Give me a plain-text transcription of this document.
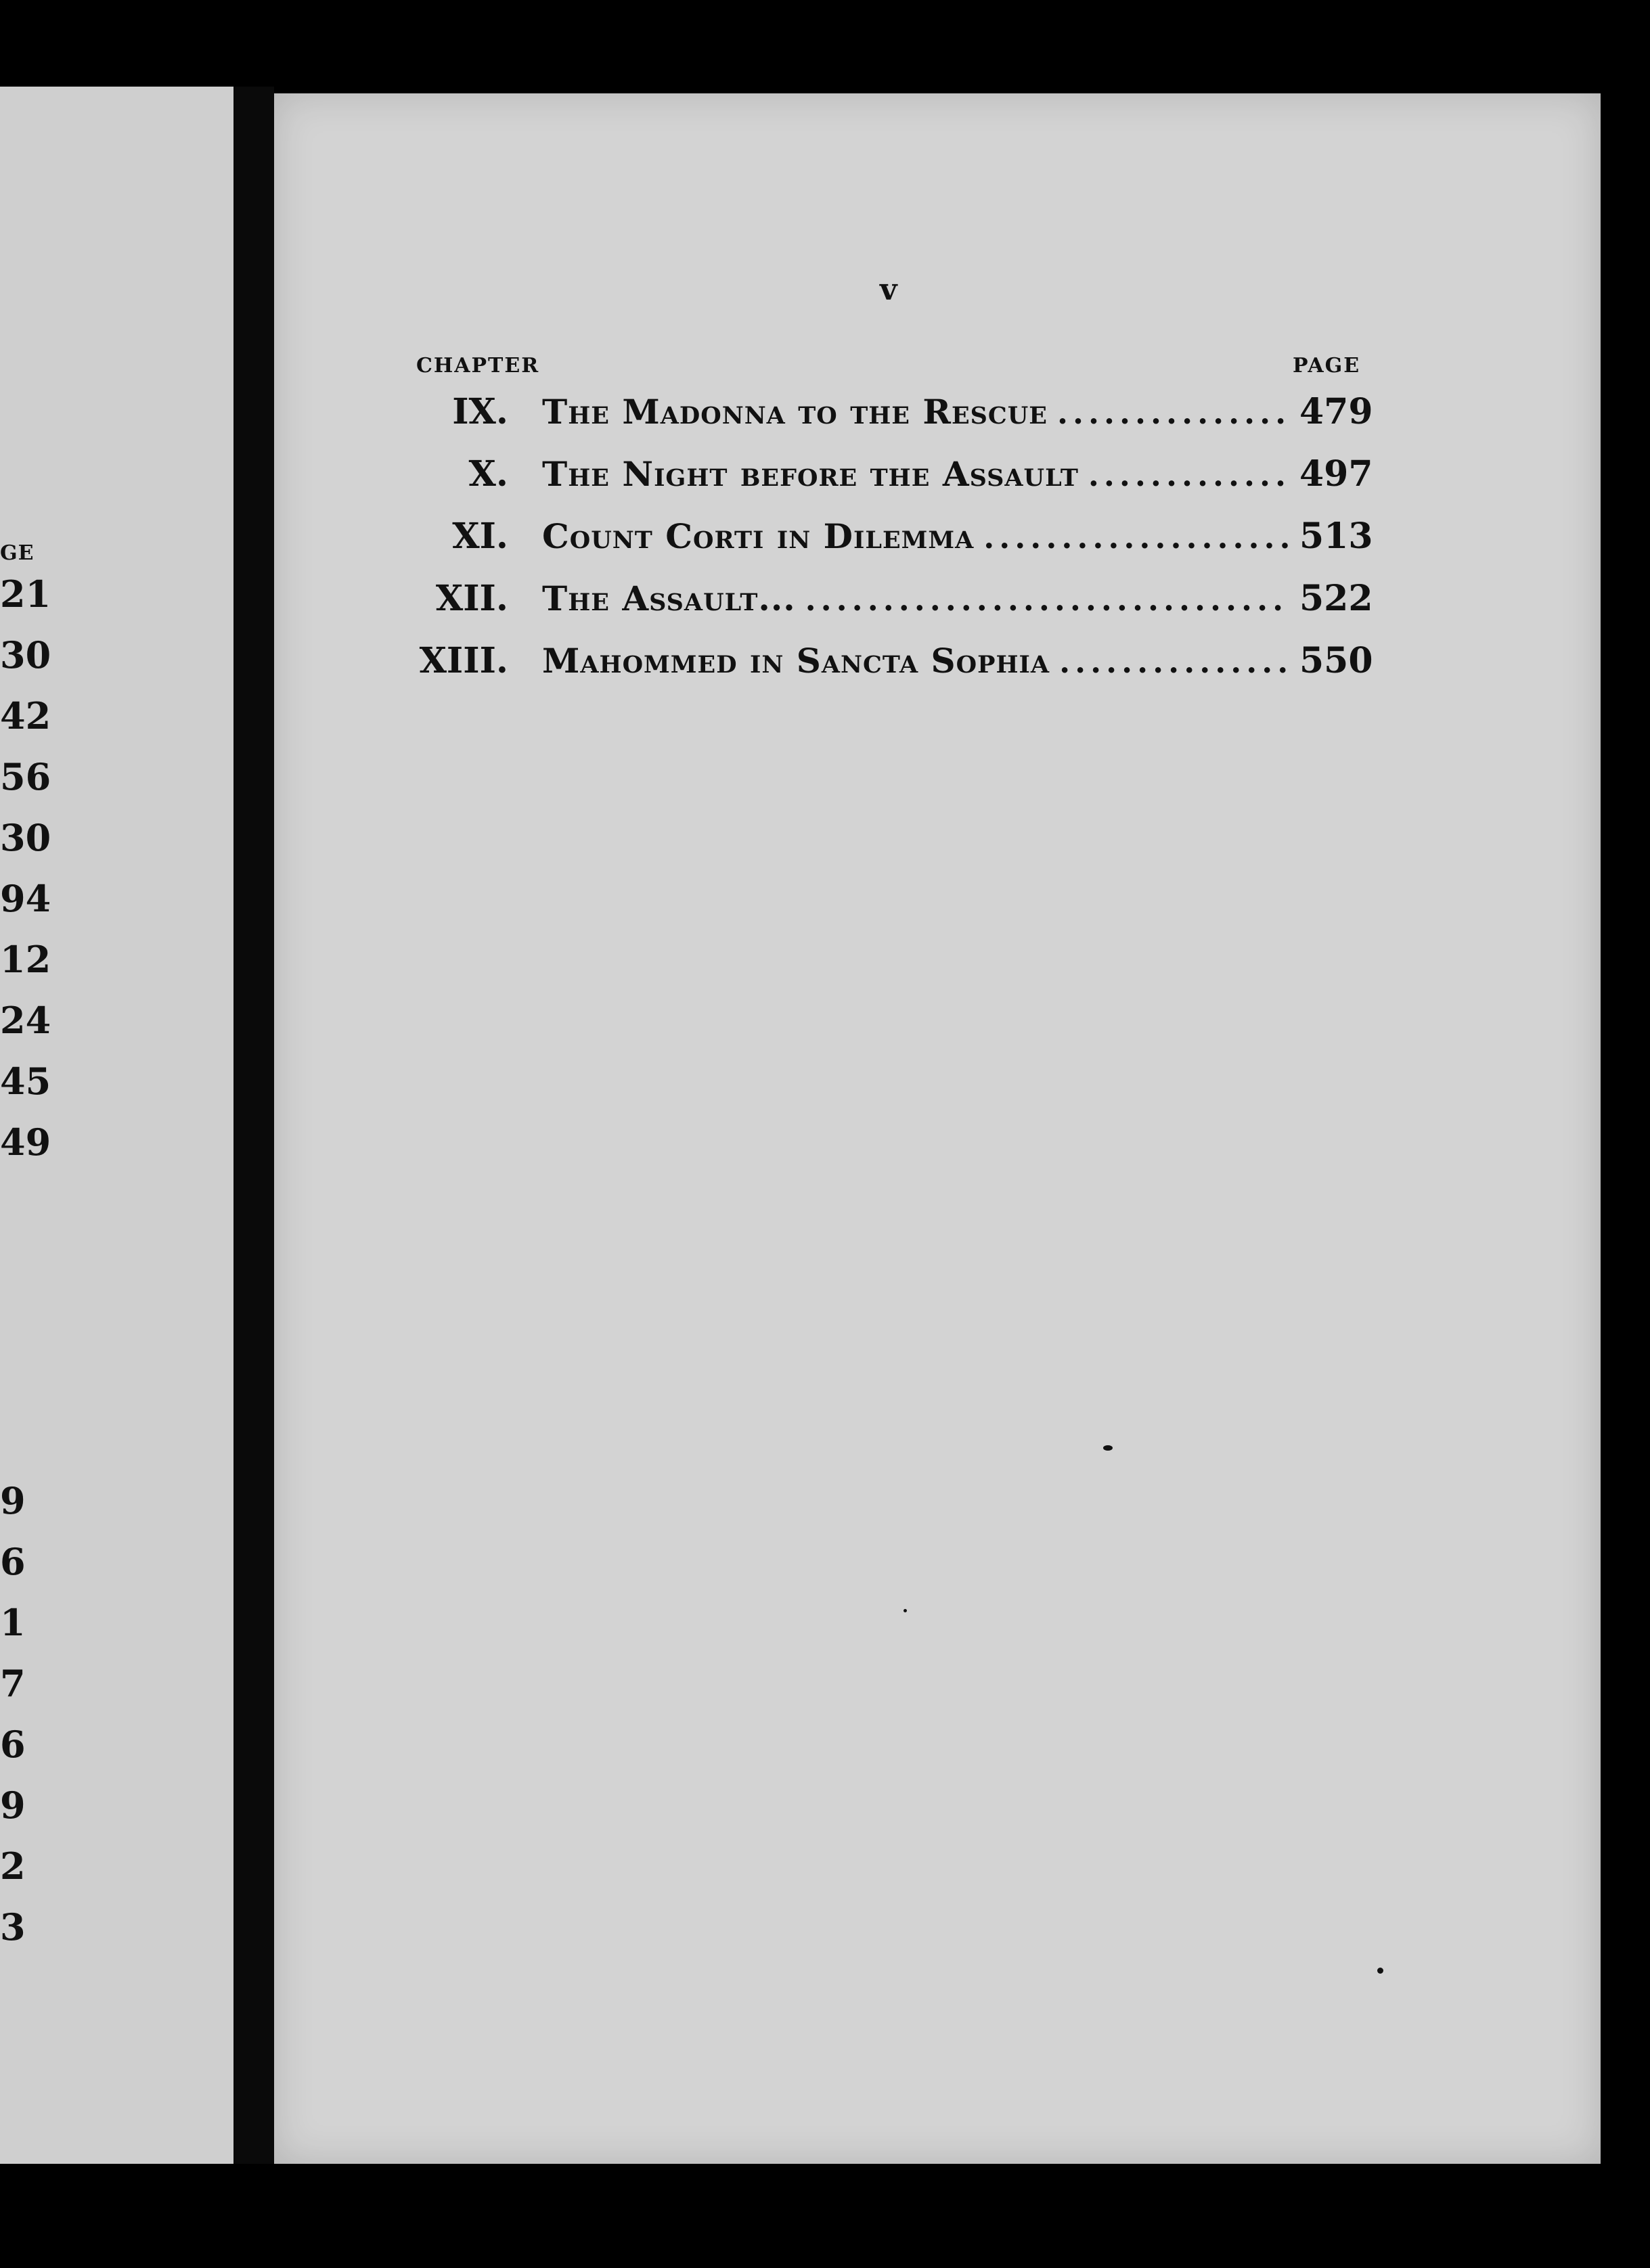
GE
21
30
42
56
30
94
12
24
45
49
9
6
1
7
6
9
2
3
v
CHAPTER	PAGE
IX. The Madonna to the Rescue .....	479
X. The Night before the Assault .....	497
XI. Count Corti in Dilemma .....	513
XII. The Assault... .....	522
XIII. Mahommed in Sancta Sophia .....	550
